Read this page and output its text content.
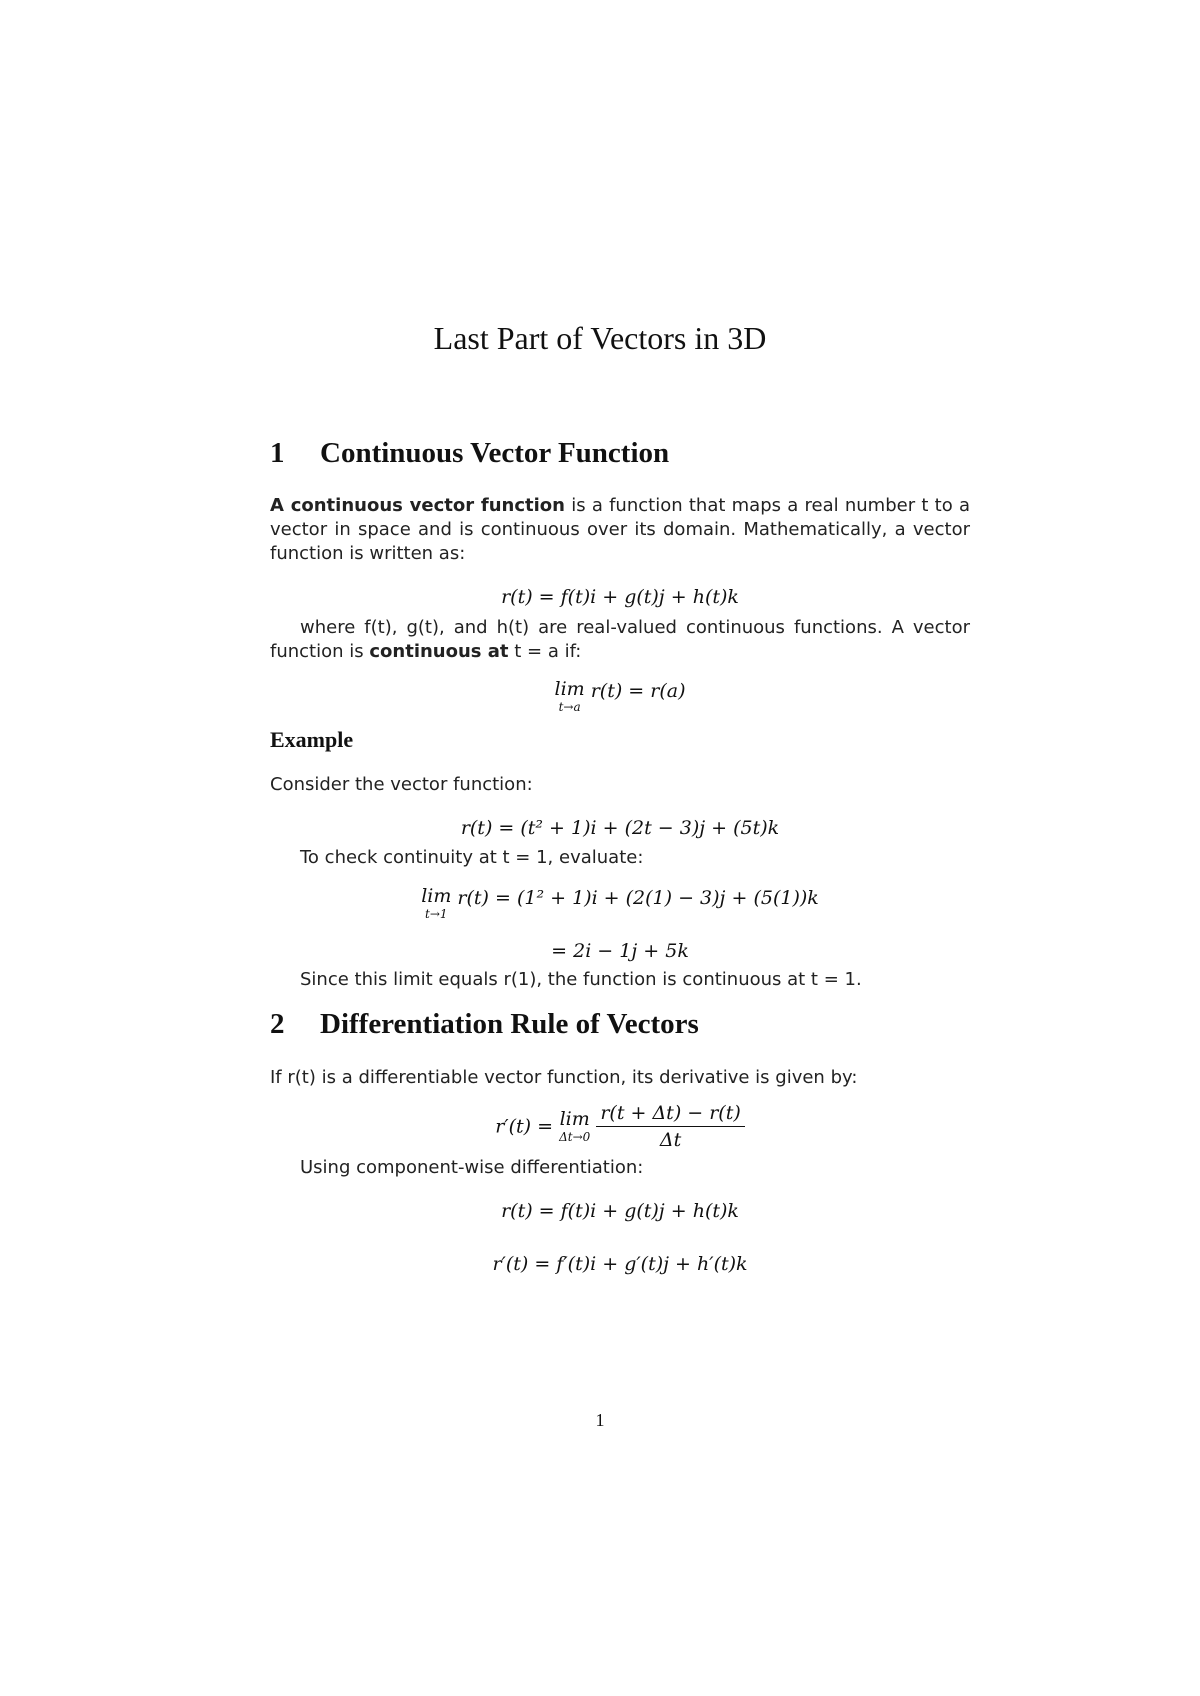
Last Part of Vectors in 3D
1 Continuous Vector Function
A continuous vector function is a function that maps a real number t to a vector in space and is continuous over its domain. Mathematically, a vector function is written as:
r(t) = f(t)i + g(t)j + h(t)k
where f(t), g(t), and h(t) are real-valued continuous functions. A vector function is continuous at t = a if:
lim
t→a
r(t) = r(a)
Example
Consider the vector function:
r(t) = (t² + 1)i + (2t − 3)j + (5t)k
To check continuity at t = 1, evaluate:
lim
t→1
r(t) = (1² + 1)i + (2(1) − 3)j + (5(1))k
= 2i − 1j + 5k
Since this limit equals r(1), the function is continuous at t = 1.
2 Differentiation Rule of Vectors
If r(t) is a differentiable vector function, its derivative is given by:
r′(t) = lim
Δt→0
$\frac{r(t + \Delta t) - r(t)}{\Delta t}$
Using component-wise differentiation:
r(t) = f(t)i + g(t)j + h(t)k
r′(t) = f′(t)i + g′(t)j + h′(t)k
1
